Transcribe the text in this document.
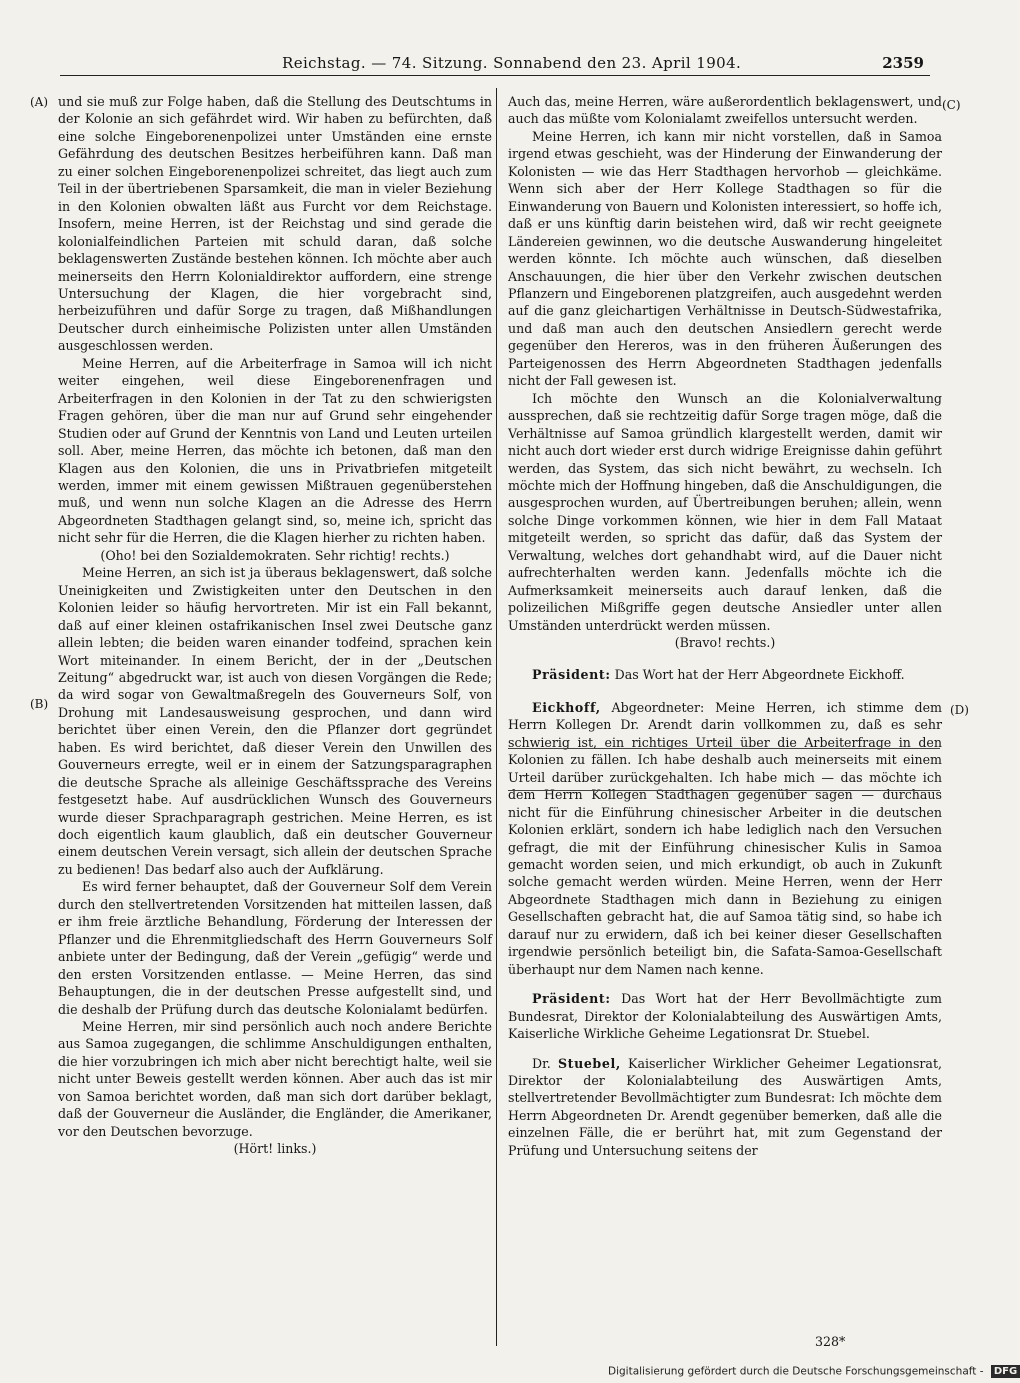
Reichstag. — 74. Sitzung. Sonnabend den 23. April 1904.	2359
(A)
(B)
(C)
(D)

und sie muß zur Folge haben, daß die Stellung des Deutschtums in der Kolonie an sich gefährdet wird. Wir haben zu befürchten, daß eine solche Eingeborenenpolizei unter Umständen eine ernste Gefährdung des deutschen Besitzes herbeiführen kann. Daß man zu einer solchen Eingeborenenpolizei schreitet, das liegt auch zum Teil in der übertriebenen Sparsamkeit, die man in vieler Beziehung in den Kolonien obwalten läßt aus Furcht vor dem Reichstage. Insofern, meine Herren, ist der Reichstag und sind gerade die kolonialfeindlichen Parteien mit schuld daran, daß solche beklagenswerten Zustände bestehen können. Ich möchte aber auch meinerseits den Herrn Kolonialdirektor auffordern, eine strenge Untersuchung der Klagen, die hier vorgebracht sind, herbeizuführen und dafür Sorge zu tragen, daß Mißhandlungen Deutscher durch einheimische Polizisten unter allen Umständen ausgeschlossen werden.

Meine Herren, auf die Arbeiterfrage in Samoa will ich nicht weiter eingehen, weil diese Eingeborenenfragen und Arbeiterfragen in den Kolonien in der Tat zu den schwierigsten Fragen gehören, über die man nur auf Grund sehr eingehender Studien oder auf Grund der Kenntnis von Land und Leuten urteilen soll. Aber, meine Herren, das möchte ich betonen, daß man den Klagen aus den Kolonien, die uns in Privatbriefen mitgeteilt werden, immer mit einem gewissen Mißtrauen gegenüberstehen muß, und wenn nun solche Klagen an die Adresse des Herrn Abgeordneten Stadthagen gelangt sind, so, meine ich, spricht das nicht sehr für die Herren, die die Klagen hierher zu richten haben.

(Oho! bei den Sozialdemokraten. Sehr richtig! rechts.)

Meine Herren, an sich ist ja überaus beklagenswert, daß solche Uneinigkeiten und Zwistigkeiten unter den Deutschen in den Kolonien leider so häufig hervortreten. Mir ist ein Fall bekannt, daß auf einer kleinen ostafrikanischen Insel zwei Deutsche ganz allein lebten; die beiden waren einander todfeind, sprachen kein Wort miteinander. In einem Bericht, der in der „Deutschen Zeitung“ abgedruckt war, ist auch von diesen Vorgängen die Rede; da wird sogar von Gewaltmaßregeln des Gouverneurs Solf, von Drohung mit Landesausweisung gesprochen, und dann wird berichtet über einen Verein, den die Pflanzer dort gegründet haben. Es wird berichtet, daß dieser Verein den Unwillen des Gouverneurs erregte, weil er in einem der Satzungsparagraphen die deutsche Sprache als alleinige Geschäftssprache des Vereins festgesetzt habe. Auf ausdrücklichen Wunsch des Gouverneurs wurde dieser Sprachparagraph gestrichen. Meine Herren, es ist doch eigentlich kaum glaublich, daß ein deutscher Gouverneur einem deutschen Verein versagt, sich allein der deutschen Sprache zu bedienen! Das bedarf also auch der Aufklärung.

Es wird ferner behauptet, daß der Gouverneur Solf dem Verein durch den stellvertretenden Vorsitzenden hat mitteilen lassen, daß er ihm freie ärztliche Behandlung, Förderung der Interessen der Pflanzer und die Ehrenmitgliedschaft des Herrn Gouverneurs Solf anbiete unter der Bedingung, daß der Verein „gefügig“ werde und den ersten Vorsitzenden entlasse. — Meine Herren, das sind Behauptungen, die in der deutschen Presse aufgestellt sind, und die deshalb der Prüfung durch das deutsche Kolonialamt bedürfen.

Meine Herren, mir sind persönlich auch noch andere Berichte aus Samoa zugegangen, die schlimme Anschuldigungen enthalten, die hier vorzubringen ich mich aber nicht berechtigt halte, weil sie nicht unter Beweis gestellt werden können. Aber auch das ist mir von Samoa berichtet worden, daß man sich dort darüber beklagt, daß der Gouverneur die Ausländer, die Engländer, die Amerikaner, vor den Deutschen bevorzuge.

(Hört! links.)

Auch das, meine Herren, wäre außerordentlich beklagenswert, und auch das müßte vom Kolonialamt zweifellos untersucht werden.

Meine Herren, ich kann mir nicht vorstellen, daß in Samoa irgend etwas geschieht, was der Hinderung der Einwanderung der Kolonisten — wie das Herr Stadthagen hervorhob — gleichkäme. Wenn sich aber der Herr Kollege Stadthagen so für die Einwanderung von Bauern und Kolonisten interessiert, so hoffe ich, daß er uns künftig darin beistehen wird, daß wir recht geeignete Ländereien gewinnen, wo die deutsche Auswanderung hingeleitet werden könnte. Ich möchte auch wünschen, daß dieselben Anschauungen, die hier über den Verkehr zwischen deutschen Pflanzern und Eingeborenen platzgreifen, auch ausgedehnt werden auf die ganz gleichartigen Verhältnisse in Deutsch-Südwestafrika, und daß man auch den deutschen Ansiedlern gerecht werde gegenüber den Hereros, was in den früheren Äußerungen des Parteigenossen des Herrn Abgeordneten Stadthagen jedenfalls nicht der Fall gewesen ist.

Ich möchte den Wunsch an die Kolonialverwaltung aussprechen, daß sie rechtzeitig dafür Sorge tragen möge, daß die Verhältnisse auf Samoa gründlich klargestellt werden, damit wir nicht auch dort wieder erst durch widrige Ereignisse dahin geführt werden, das System, das sich nicht bewährt, zu wechseln. Ich möchte mich der Hoffnung hingeben, daß die Anschuldigungen, die ausgesprochen wurden, auf Übertreibungen beruhen; allein, wenn solche Dinge vorkommen können, wie hier in dem Fall Mataat mitgeteilt werden, so spricht das dafür, daß das System der Verwaltung, welches dort gehandhabt wird, auf die Dauer nicht aufrechterhalten werden kann. Jedenfalls möchte ich die Aufmerksamkeit meinerseits auch darauf lenken, daß die polizeilichen Mißgriffe gegen deutsche Ansiedler unter allen Umständen unterdrückt werden müssen.

(Bravo! rechts.)

Präsident: Das Wort hat der Herr Abgeordnete Eickhoff.

Eickhoff, Abgeordneter: Meine Herren, ich stimme dem Herrn Kollegen Dr. Arendt darin vollkommen zu, daß es sehr schwierig ist, ein richtiges Urteil über die Arbeiterfrage in den Kolonien zu fällen. Ich habe deshalb auch meinerseits mit einem Urteil darüber zurückgehalten. Ich habe mich — das möchte ich dem Herrn Kollegen Stadthagen gegenüber sagen — durchaus nicht für die Einführung chinesischer Arbeiter in die deutschen Kolonien erklärt, sondern ich habe lediglich nach den Versuchen gefragt, die mit der Einführung chinesischer Kulis in Samoa gemacht worden seien, und mich erkundigt, ob auch in Zukunft solche gemacht werden würden. Meine Herren, wenn der Herr Abgeordnete Stadthagen mich dann in Beziehung zu einigen Gesellschaften gebracht hat, die auf Samoa tätig sind, so habe ich darauf nur zu erwidern, daß ich bei keiner dieser Gesellschaften irgendwie persönlich beteiligt bin, die Safata-Samoa-Gesellschaft überhaupt nur dem Namen nach kenne.

Präsident: Das Wort hat der Herr Bevollmächtigte zum Bundesrat, Direktor der Kolonialabteilung des Auswärtigen Amts, Kaiserliche Wirkliche Geheime Legationsrat Dr. Stuebel.

Dr. Stuebel, Kaiserlicher Wirklicher Geheimer Legationsrat, Direktor der Kolonialabteilung des Auswärtigen Amts, stellvertretender Bevollmächtigter zum Bundesrat: Ich möchte dem Herrn Abgeordneten Dr. Arendt gegenüber bemerken, daß alle die einzelnen Fälle, die er berührt hat, mit zum Gegenstand der Prüfung und Untersuchung seitens der

328*
Digitalisierung gefördert durch die Deutsche Forschungsgemeinschaft - DFG
